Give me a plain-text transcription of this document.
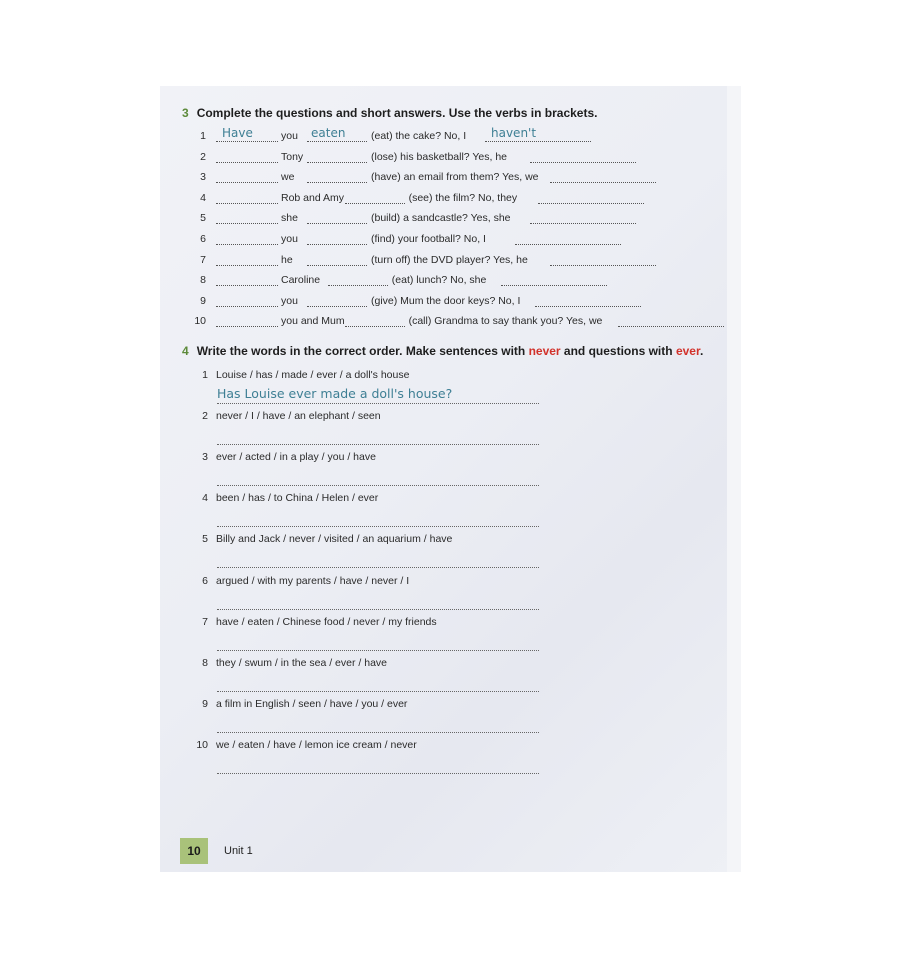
3 Complete the questions and short answers. Use the verbs in brackets.
1 Have	you eaten (eat) the cake? No, I haven't
2	Tony	(lose) his basketball? Yes, he
3	we	(have) an email from them? Yes, we
4	Rob and Amy	(see) the film? No, they
5	she	(build) a sandcastle? Yes, she
6	you	(find) your football? No, I
7	he	(turn off) the DVD player? Yes, he
8	Caroline	(eat) lunch? No, she
9	you	(give) Mum the door keys? No, I
10	you and Mum	(call) Grandma to say thank you? Yes, we
4 Write the words in the correct order. Make sentences with never and questions with ever.
1 Louise / has / made / ever / a doll's house
2 never / I / have / an elephant / seen
3 ever / acted / in a play / you / have
4 been / has / to China / Helen / ever
5 Billy and Jack / never / visited / an aquarium / have
6 argued / with my parents / have / never / I
7 have / eaten / Chinese food / never / my friends
8 they / swum / in the sea / ever / have
9 a film in English / seen / have / you / ever
10 we / eaten / have / lemon ice cream / never
Has Louise ever made a doll's house?
10	Unit 1
